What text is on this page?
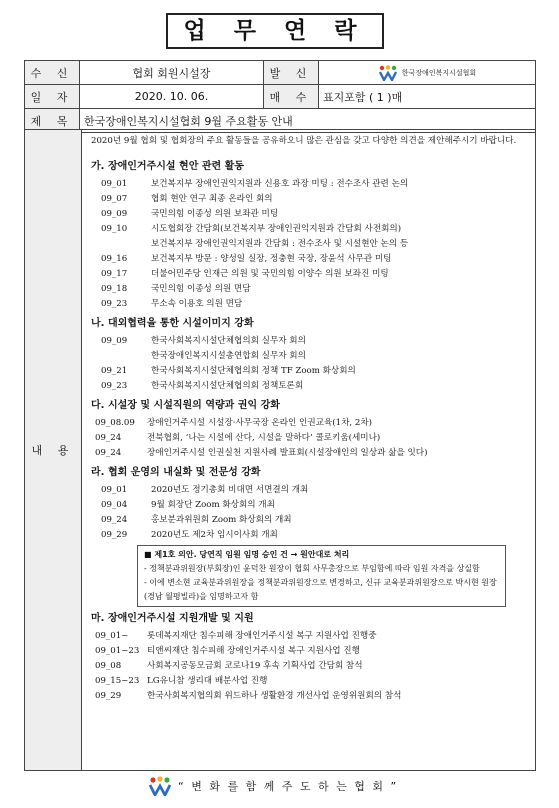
업 무 연 락
수 신	협회 회원시설장	발 신	한국장애인복지시설협회

일 자	2020. 10. 06.	매 수	표지포함 ( 1 )매
제 목	한국장애인복지시설협회 9월 주요활동 안내		
내 용

2020년 9월 협회 및 협회장의 주요 활동들을 공유하오니 많은 관심을 갖고 다양한 의견을 제안해주시기 바랍니다.

가. 장애인거주시설 현안 관련 활동
09_01	보건복지부 장애인권익지원과 신용호 과장 미팅 : 전수조사 관련 논의
09_07	협회 현안 연구 최종 온라인 회의
09_09	국민의힘 이종성 의원 보좌관 미팅
09_10	시도협회장 간담회(보건복지부 장애인권익지원과 간담회 사전회의)
보건복지부 장애인권익지원과 간담회 : 전수조사 및 시설현안 논의 등
09_16	보건복지부 방문 : 양성일 실장, 정충현 국장, 장윤석 사무관 미팅
09_17	더불어민주당 인재근 의원 및 국민의힘 이양수 의원 보좌진 미팅
09_18	국민의힘 이종성 의원 면담
09_23	무소속 이용호 의원 면담
나. 대외협력을 통한 시설이미지 강화
09_09	한국사회복지시설단체협의회 실무자 회의
한국장애인복지시설총연합회 실무자 회의
09_21	한국사회복지시설단체협의회 정책 TF Zoom 화상회의
09_23	한국사회복지시설단체협의회 정책토론회
다. 시설장 및 시설직원의 역량과 권익 강화
09_08.09	장애인거주시설 시설장·사무국장 온라인 인권교육(1차, 2차)
09_24	전북협회, ‘나는 시설에 산다, 시설을 말하다’ 콜로키움(세미나)
09_24	장애인거주시설 인권실천 지원사례 발표회(시설장애인의 일상과 삶을 잇다)
라. 협회 운영의 내실화 및 전문성 강화
09_01	2020년도 정기총회 비대면 서면결의 개최
09_04	9월 회장단 Zoom 화상회의 개최
09_24	홍보분과위원회 Zoom 화상회의 개최
09_29	2020년도 제2차 임시이사회 개최
■ 제1호 의안. 당연직 임원 임명 승인 건 → 원안대로 처리
- 정책분과위원장(부회장)인 윤덕찬 원장이 협회 사무총장으로 부임함에 따라 임원 자격을 상실함
- 이에 변소현 교육분과위원장을 정책분과위원장으로 변경하고, 신규 교육분과위원장으로 박시현 원장(경남 월평빌라)을 임명하고자 함
마. 장애인거주시설 지원개발 및 지원
09_01~	롯데복지재단 침수피해 장애인거주시설 복구 지원사업 진행중
09_01~23 티앤씨재단 침수피해 장애인거주시설 복구 지원사업 진행
09_08	사회복지공동모금회 코로나19 후속 기획사업 간담회 참석
09_15~23 LG유니참 생리대 배분사업 진행
09_29	한국사회복지협의회 위드하나 생활환경 개선사업 운영위원회의 참석
“ 변 화 를 함 께 주 도 하 는 협 회 ”
